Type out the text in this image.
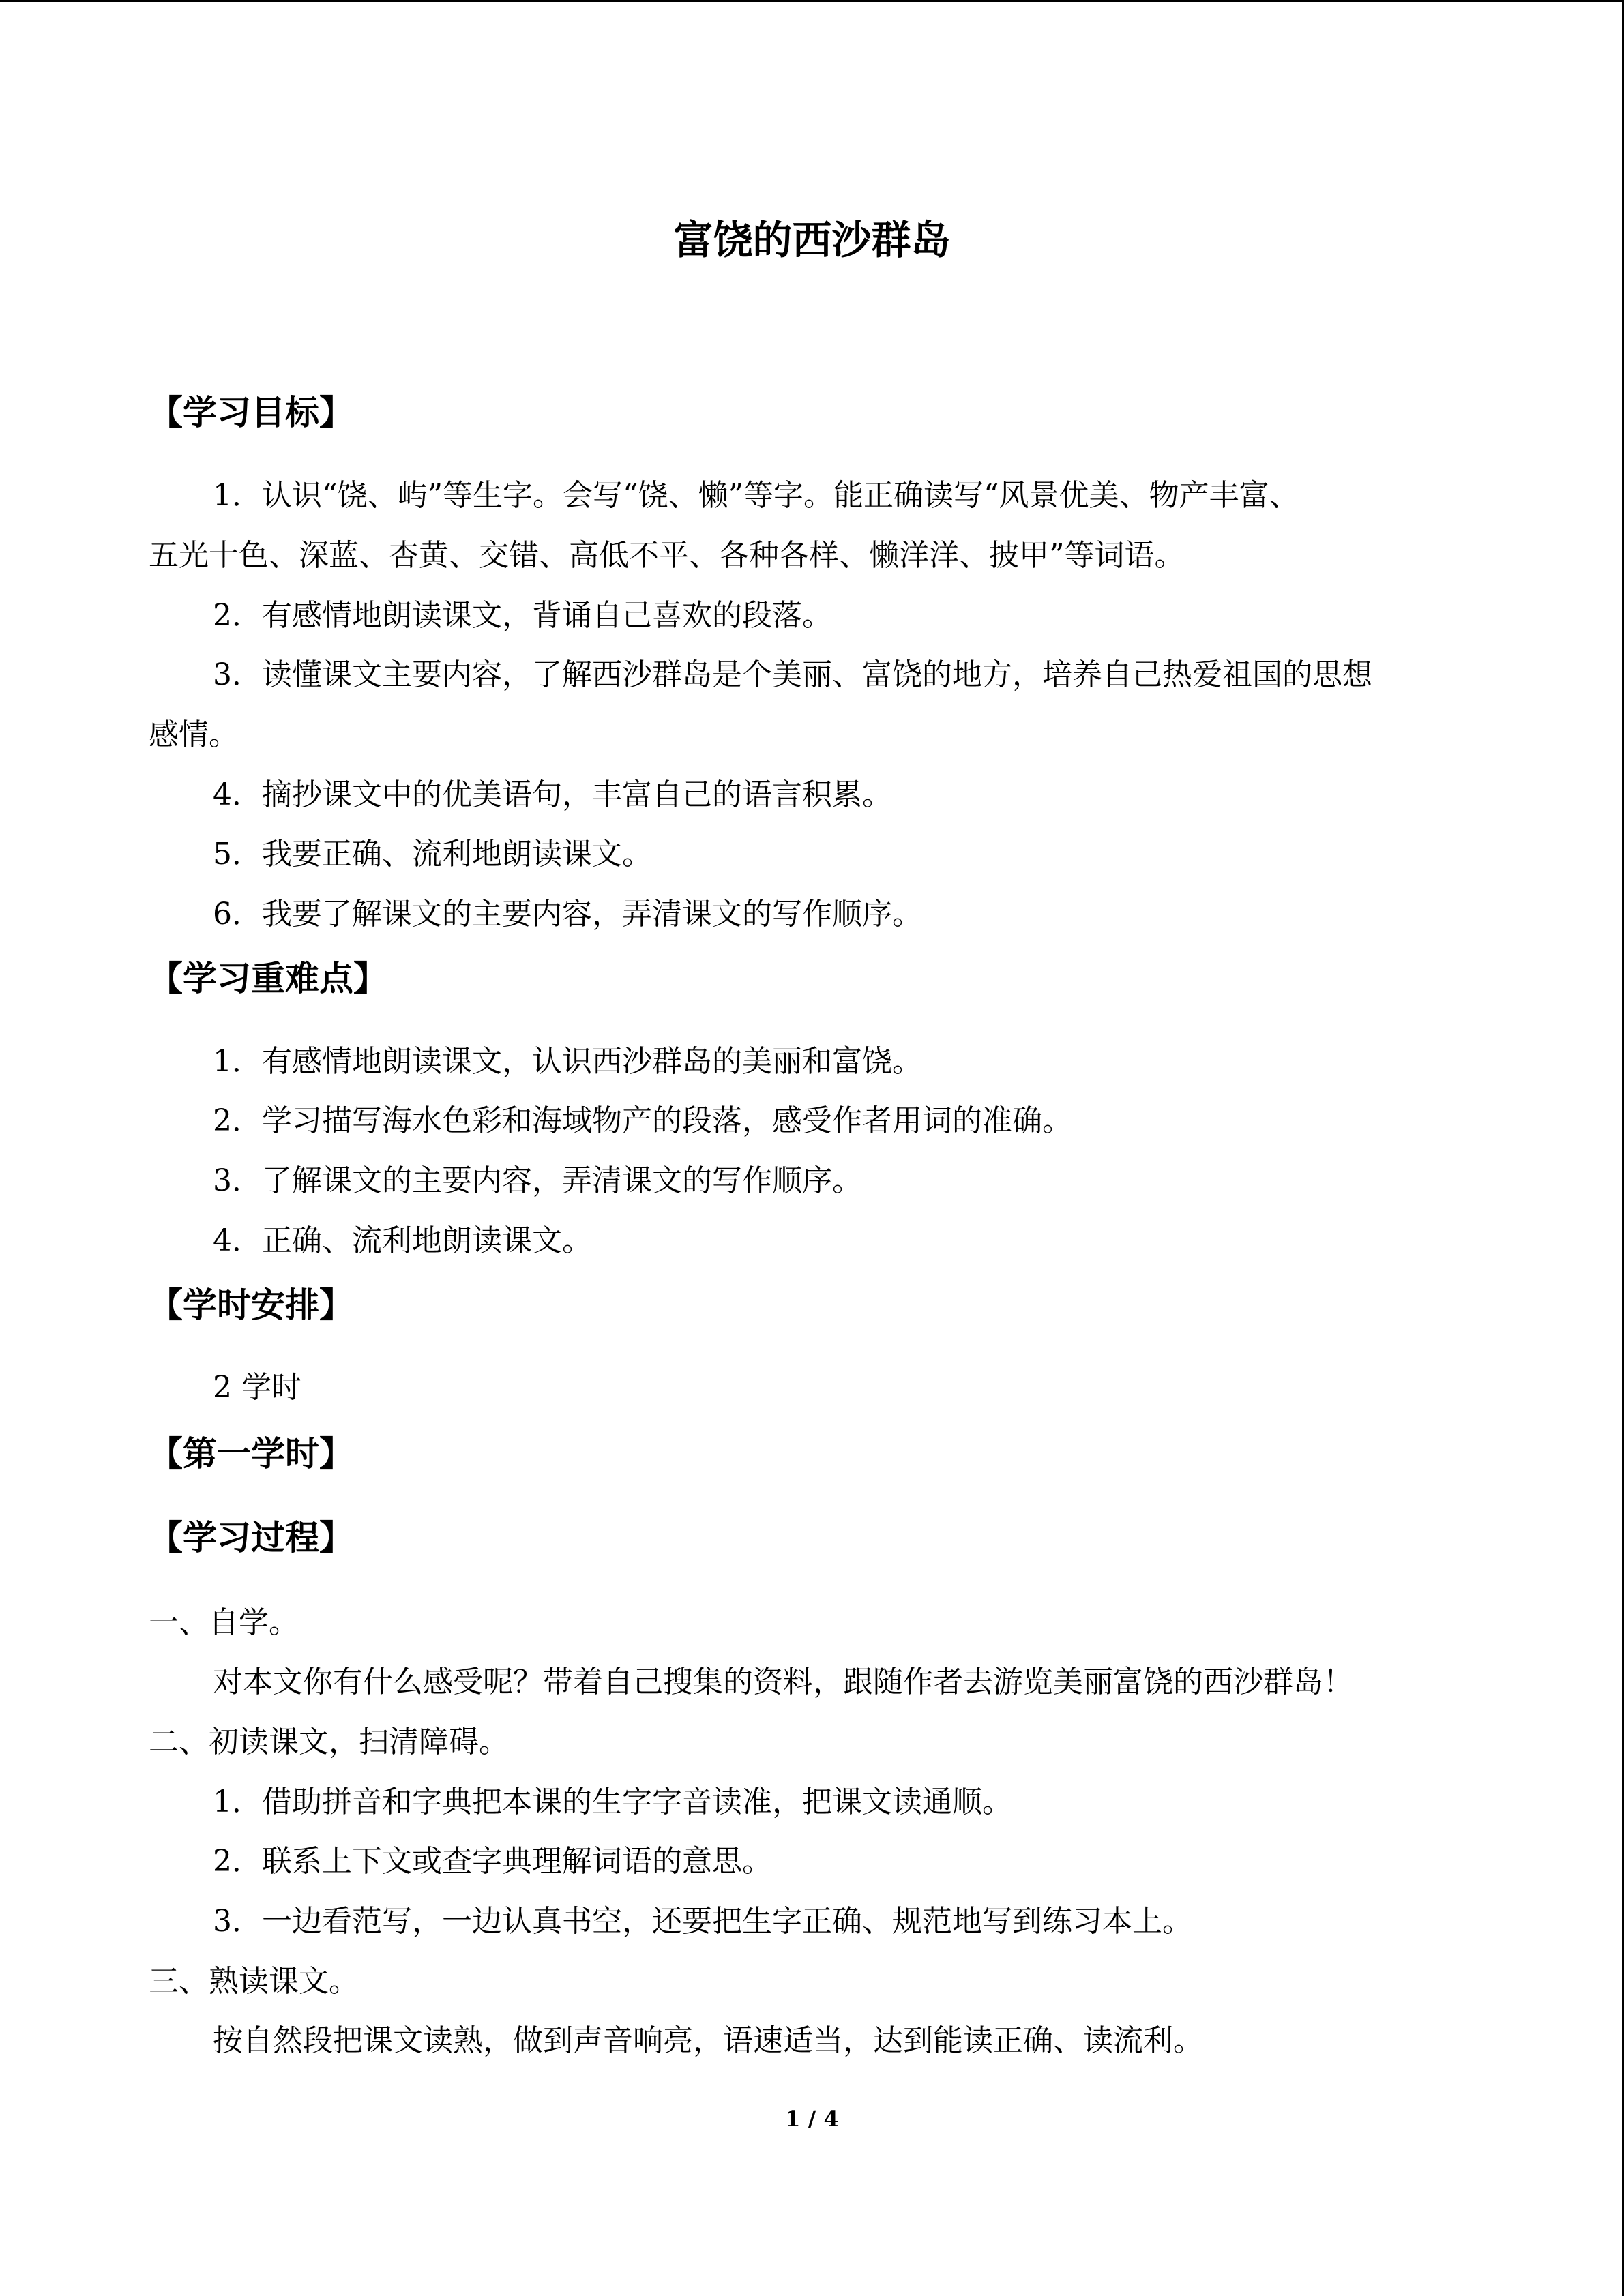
富饶的西沙群岛
【学习目标】
1．认识“饶、屿”等生字。会写“饶、懒”等字。能正确读写“风景优美、物产丰富、
五光十色、深蓝、杏黄、交错、高低不平、各种各样、懒洋洋、披甲”等词语。
2．有感情地朗读课文，背诵自己喜欢的段落。
3．读懂课文主要内容，了解西沙群岛是个美丽、富饶的地方，培养自己热爱祖国的思想
感情。
4．摘抄课文中的优美语句，丰富自己的语言积累。
5．我要正确、流利地朗读课文。
6．我要了解课文的主要内容，弄清课文的写作顺序。
【学习重难点】
1．有感情地朗读课文，认识西沙群岛的美丽和富饶。
2．学习描写海水色彩和海域物产的段落，感受作者用词的准确。
3．了解课文的主要内容，弄清课文的写作顺序。
4．正确、流利地朗读课文。
【学时安排】
2 学时
【第一学时】
【学习过程】
一、自学。
对本文你有什么感受呢？带着自己搜集的资料，跟随作者去游览美丽富饶的西沙群岛！
二、初读课文，扫清障碍。
1．借助拼音和字典把本课的生字字音读准，把课文读通顺。
2．联系上下文或查字典理解词语的意思。
3．一边看范写，一边认真书空，还要把生字正确、规范地写到练习本上。
三、熟读课文。
按自然段把课文读熟，做到声音响亮，语速适当，达到能读正确、读流利。
1 / 4
